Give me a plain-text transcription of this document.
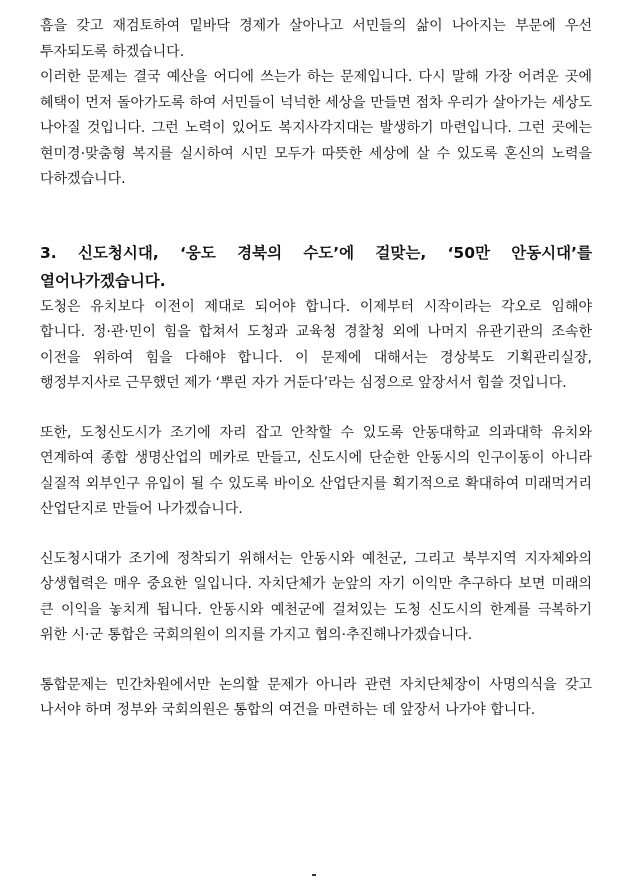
흠을 갖고 재검토하여 밑바닥 경제가 살아나고 서민들의 삶이 나아지는 부문에 우선 투자되도록 하겠습니다.

이러한 문제는 결국 예산을 어디에 쓰는가 하는 문제입니다. 다시 말해 가장 어려운 곳에 혜택이 먼저 돌아가도록 하여 서민들이 넉넉한 세상을 만들면 점차 우리가 살아가는 세상도 나아질 것입니다. 그런 노력이 있어도 복지사각지대는 발생하기 마련입니다. 그런 곳에는 현미경·맞춤형 복지를 실시하여 시민 모두가 따뜻한 세상에 살 수 있도록 혼신의 노력을 다하겠습니다.

3. 신도청시대, ‘웅도 경북의 수도’에 걸맞는, ‘50만 안동시대’를 열어나가겠습니다.

도청은 유치보다 이전이 제대로 되어야 합니다. 이제부터 시작이라는 각오로 임해야 합니다. 정·관·민이 힘을 합쳐서 도청과 교육청 경찰청 외에 나머지 유관기관의 조속한 이전을 위하여 힘을 다해야 합니다. 이 문제에 대해서는 경상북도 기획관리실장, 행정부지사로 근무했던 제가 ‘뿌린 자가 거둔다’라는 심정으로 앞장서서 힘쓸 것입니다.

또한, 도청신도시가 조기에 자리 잡고 안착할 수 있도록 안동대학교 의과대학 유치와 연계하여 종합 생명산업의 메카로 만들고, 신도시에 단순한 안동시의 인구이동이 아니라 실질적 외부인구 유입이 될 수 있도록 바이오 산업단지를 획기적으로 확대하여 미래먹거리 산업단지로 만들어 나가겠습니다.

신도청시대가 조기에 정착되기 위해서는 안동시와 예천군, 그리고 북부지역 지자체와의 상생협력은 매우 중요한 일입니다. 자치단체가 눈앞의 자기 이익만 추구하다 보면 미래의 큰 이익을 놓치게 됩니다. 안동시와 예천군에 걸쳐있는 도청 신도시의 한계를 극복하기 위한 시·군 통합은 국회의원이 의지를 가지고 협의·추진해나가겠습니다.

통합문제는 민간차원에서만 논의할 문제가 아니라 관련 자치단체장이 사명의식을 갖고 나서야 하며 정부와 국회의원은 통합의 여건을 마련하는 데 앞장서 나가야 합니다.
